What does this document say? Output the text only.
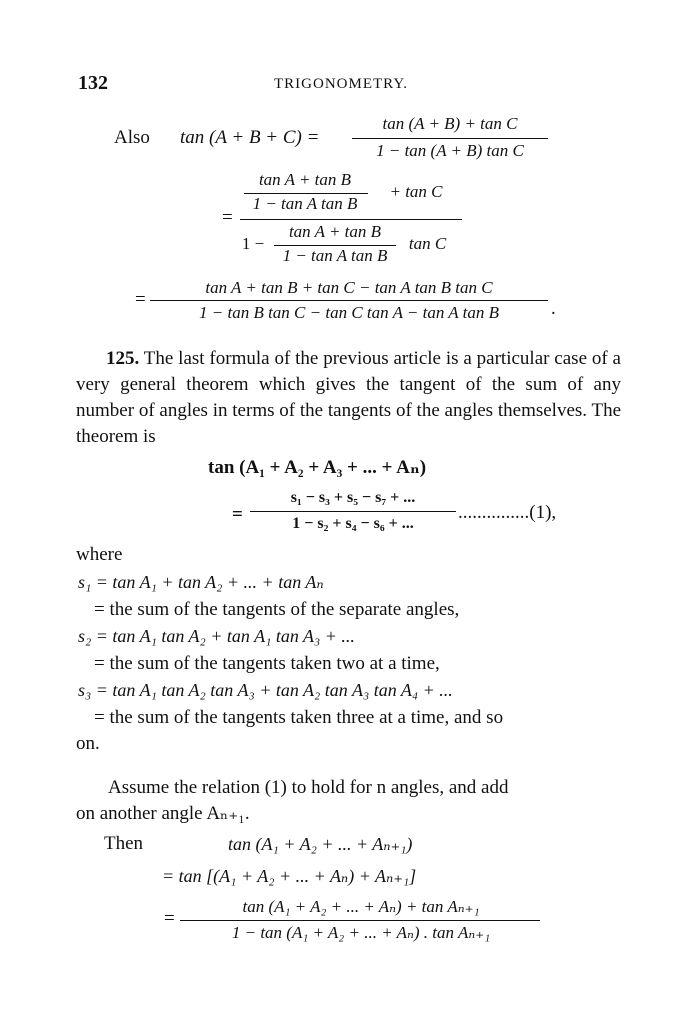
132	TRIGONOMETRY.
Also tan (A + B + C) =
tan (A + B) + tan C
1 − tan (A + B) tan C
=
tan A + tan B
1 − tan A tan B
+ tan C
1 −
tan A + tan B
1 − tan A tan B
tan C
=
tan A + tan B + tan C − tan A tan B tan C
1 − tan B tan C − tan C tan A − tan A tan B	.
125. The last formula of the previous article is a particular case of a very general theorem which gives the tangent of the sum of any number of angles in terms of the tangents of the angles themselves. The theorem is
tan (A₁ + A₂ + A₃ + ... + Aₙ)
=
s₁ − s₃ + s₅ − s₇ + ...
1 − s₂ + s₄ − s₆ + ...
...............(1),
where
s₁ = tan A₁ + tan A₂ + ... + tan Aₙ
= the sum of the tangents of the separate angles,
s₂ = tan A₁ tan A₂ + tan A₁ tan A₃ + ...
= the sum of the tangents taken two at a time,
s₃ = tan A₁ tan A₂ tan A₃ + tan A₂ tan A₃ tan A₄ + ...
= the sum of the tangents taken three at a time, and so
on.
Assume the relation (1) to hold for n angles, and add
on another angle Aₙ₊₁.
Then	tan (A₁ + A₂ + ... + Aₙ₊₁)
= tan [(A₁ + A₂ + ... + Aₙ) + Aₙ₊₁]
=
tan (A₁ + A₂ + ... + Aₙ) + tan Aₙ₊₁
1 − tan (A₁ + A₂ + ... + Aₙ) . tan Aₙ₊₁
